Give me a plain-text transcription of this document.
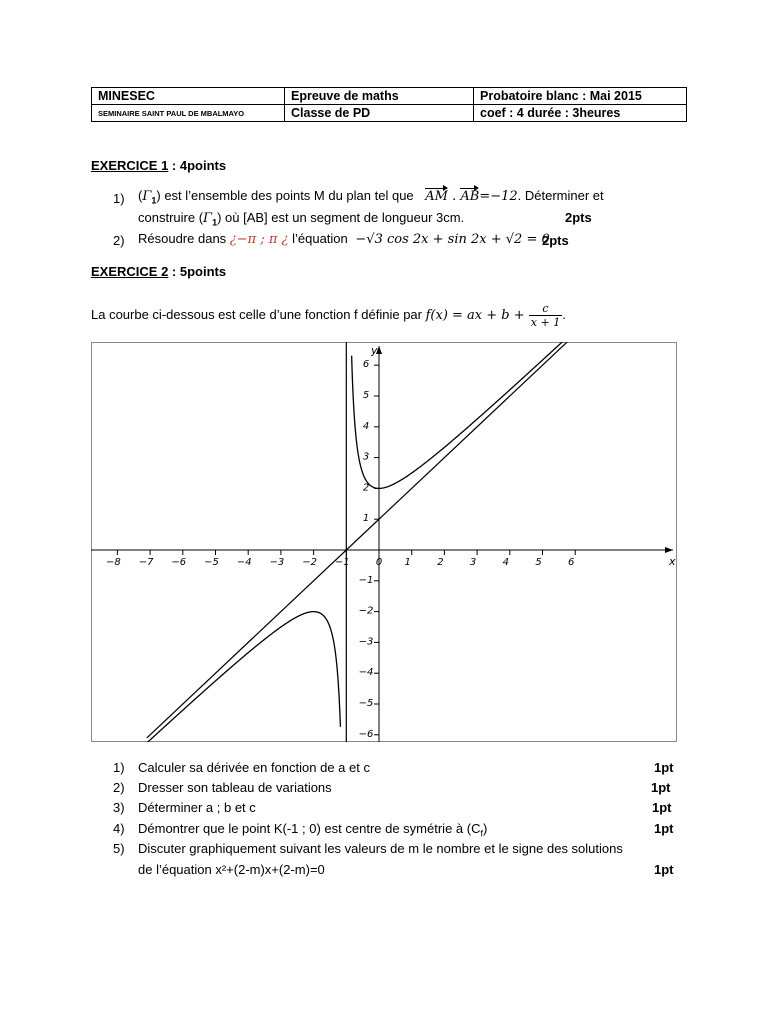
MINESEC	Epreuve de maths	Probatoire blanc : Mai 2015
SEMINAIRE SAINT PAUL DE MBALMAYO	Classe de PD	coef : 4 durée : 3heures
EXERCICE 1 : 4points
1) $(\Gamma_1)$ est l’ensemble des points M du plan tel que AM . AB=−12. Déterminer et
construire $(\Gamma_1)$ où [AB] est un segment de longueur 3cm.	2pts
2) Résoudre dans ¿−π ; π ¿ l’équation −√3 cos 2x + sin 2x + √2 = 0
2pts
EXERCICE 2 : 5points
La courbe ci-dessous est celle d’une fonction f définie par f(x) = ax + $b + \frac{c}{x + 1}$ .
−8 −7 −6 −5 −4 −3 −2 −1	0 1	2	3	4	5	6
−6
−5
−4
−3
−2
−1
1
2
3
4
5
6
x
y
1) Calculer sa dérivée en fonction de a et c	1pt
2) Dresser son tableau de variations	1pt
3) Déterminer a ; b et c	1pt
4) Démontrer que le point K(-1 ; 0) est centre de symétrie à $(C_f)$	1pt
5) Discuter graphiquement suivant les valeurs de m le nombre et le signe des solutions
de l’équation x²+(2-m)x+(2-m)=0	1pt
